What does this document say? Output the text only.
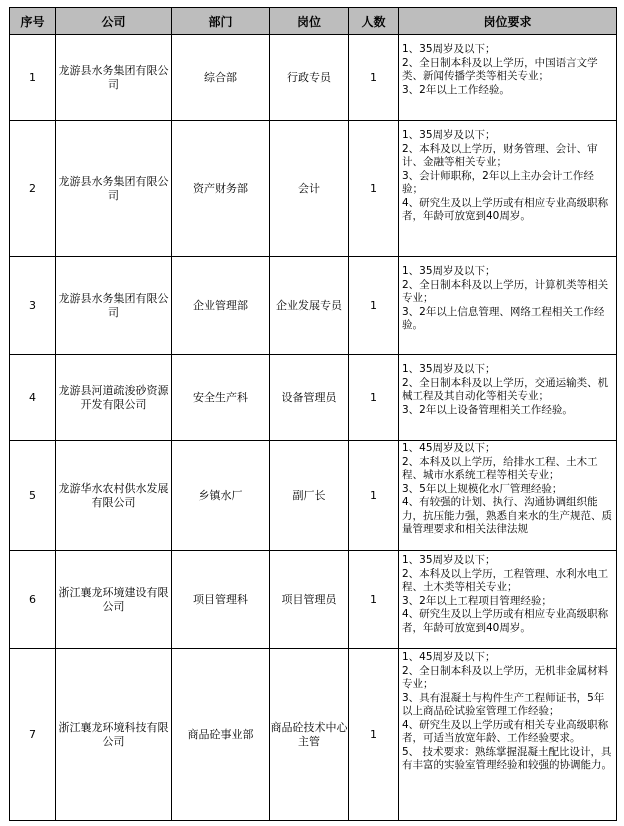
序号	公司	部门	岗位	人数	岗位要求
1	龙游县水务集团有限公司	综合部	行政专员	1	1、35周岁及以下；
2、全日制本科及以上学历，中国语言文学类、新闻传播学类等相关专业；
3、2年以上工作经验。

2	龙游县水务集团有限公司	资产财务部	会计	1	1、35周岁及以下；
2、本科及以上学历，财务管理、会计、审计、金融等相关专业；
3、会计师职称，2年以上主办会计工作经验；
4、研究生及以上学历或有相应专业高级职称者，年龄可放宽到40周岁。

3	龙游县水务集团有限公司	企业管理部	企业发展专员	1	1、35周岁及以下；
2、全日制本科及以上学历，计算机类等相关专业；
3、2年以上信息管理、网络工程相关工作经验。

4	龙游县河道疏浚砂资源开发有限公司	安全生产科	设备管理员	1	1、35周岁及以下；
2、全日制本科及以上学历，交通运输类、机械工程及其自动化等相关专业；
3、2年以上设备管理相关工作经验。

5	龙游华水农村供水发展有限公司	乡镇水厂	副厂长	1	1、45周岁及以下；
2、本科及以上学历，给排水工程、土木工程、城市水系统工程等相关专业；
3、5年以上规模化水厂管理经验；
4、有较强的计划、执行、沟通协调组织能力，抗压能力强，熟悉自来水的生产规范、质量管理要求和相关法律法规

6	浙江襄龙环境建设有限公司	项目管理科	项目管理员	1	1、35周岁及以下；
2、本科及以上学历，工程管理、水利水电工程、土木类等相关专业；
3、2年以上工程项目管理经验；
4、研究生及以上学历或有相应专业高级职称者，年龄可放宽到40周岁。

7	浙江襄龙环境科技有限公司	商品砼事业部	商品砼技术中心主管	1	1、45周岁及以下；
2、全日制本科及以上学历，无机非金属材料专业；
3、具有混凝土与构件生产工程师证书，5年以上商品砼试验室管理工作经验；
4、研究生及以上学历或有相关专业高级职称者，可适当放宽年龄、工作经验要求。
5、 技术要求：熟练掌握混凝土配比设计，具有丰富的实验室管理经验和较强的协调能力。
